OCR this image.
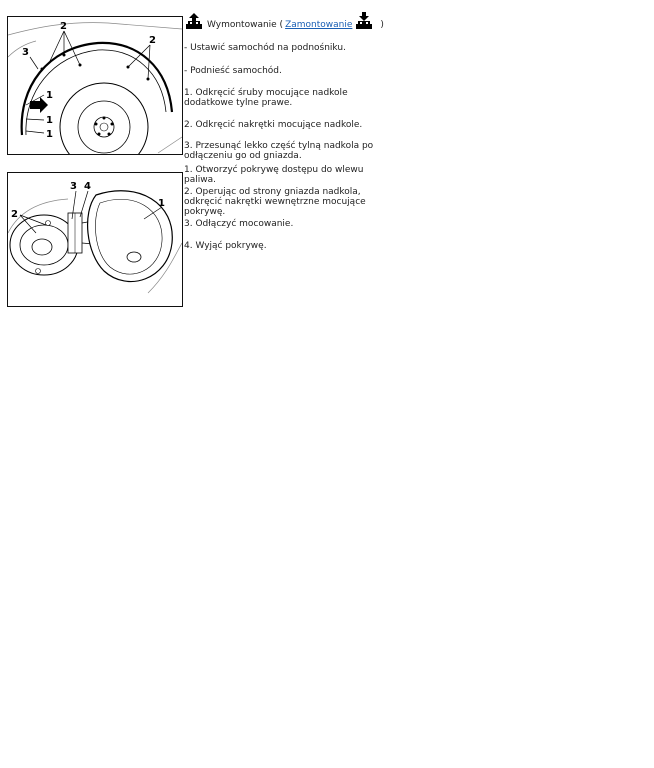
2
2
3
1
1
1
3 4
2
1
Wymontowanie ( Zamontowanie	)

- Ustawić samochód na podnośniku.

- Podnieść samochód.

1. Odkręcić śruby mocujące nadkole dodatkowe tylne prawe.

2. Odkręcić nakrętki mocujące nadkole.

3. Przesunąć lekko część tylną nadkola po odłączeniu go od gniazda.

1. Otworzyć pokrywę dostępu do wlewu paliwa.

2. Operując od strony gniazda nadkola, odkręcić nakrętki wewnętrzne mocujące pokrywę.

3. Odłączyć mocowanie.

4. Wyjąć pokrywę.
